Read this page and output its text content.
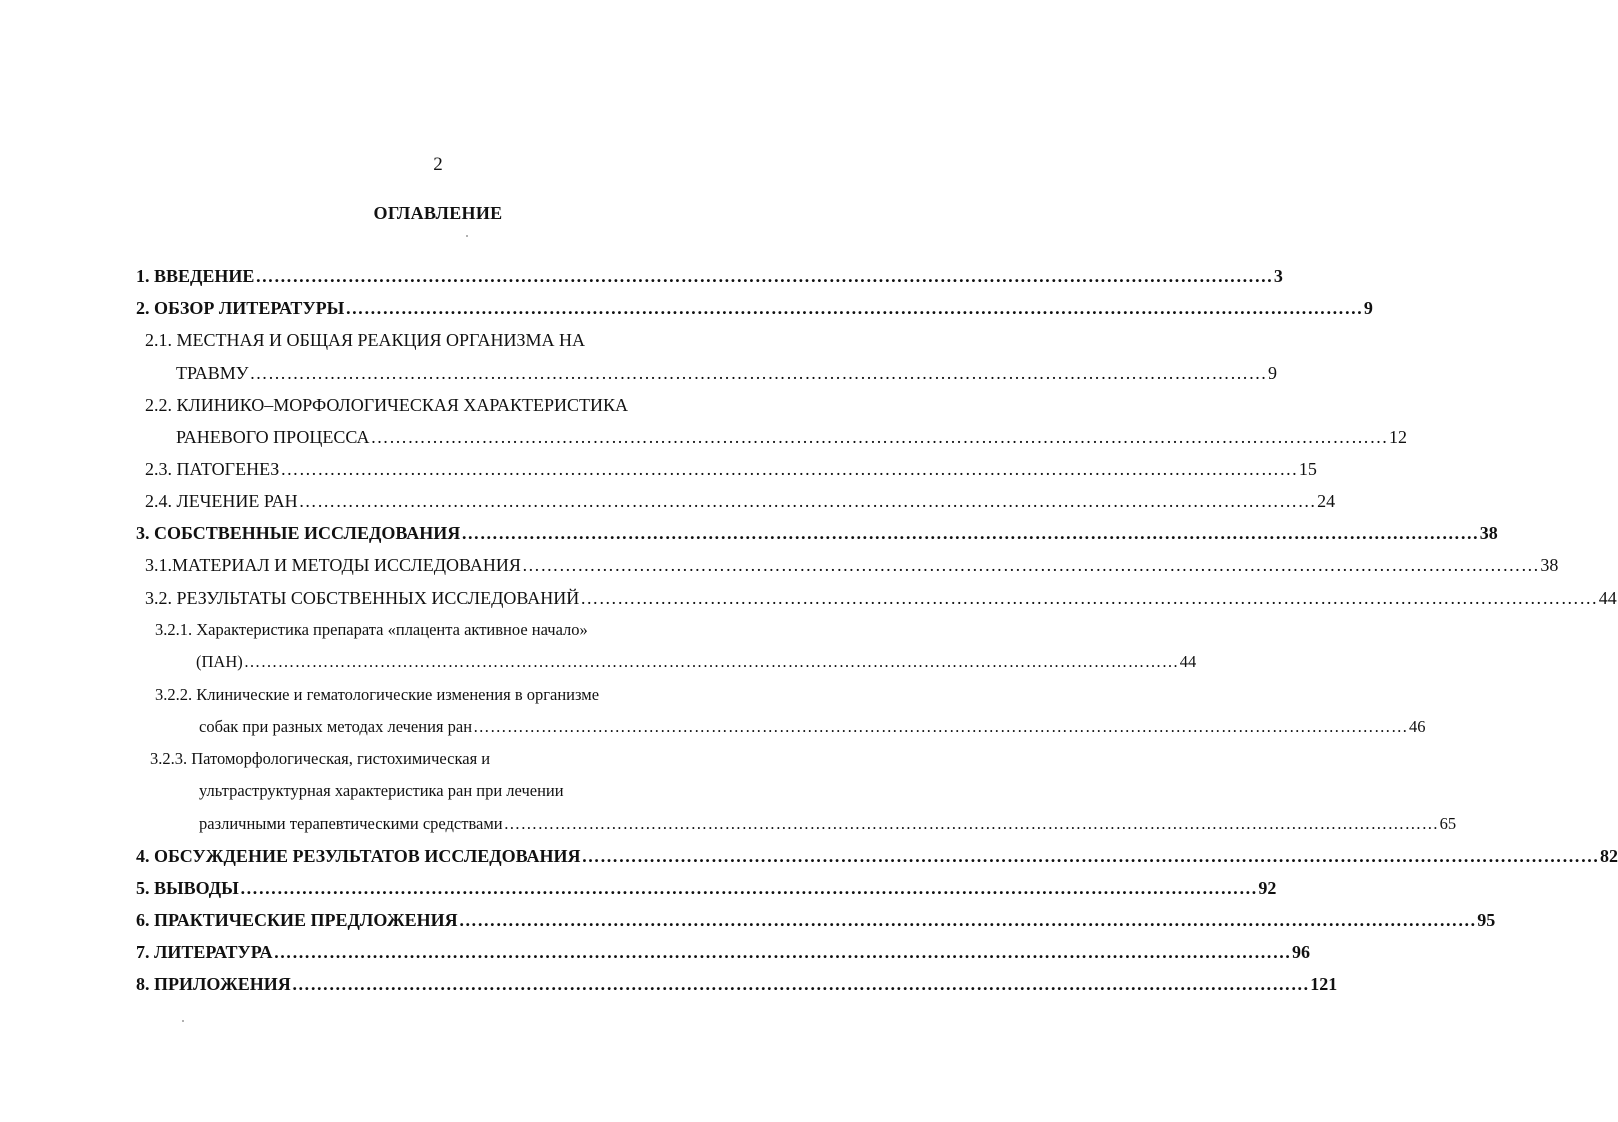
2
ОГЛАВЛЕНИЕ
1. ВВЕДЕНИЕ ………………………………………………………………………………………………………………………………………………… 3
2. ОБЗОР ЛИТЕРАТУРЫ ………………………………………………………………………………………………………………………………………………… 9
2.1. МЕСТНАЯ И ОБЩАЯ РЕАКЦИЯ ОРГАНИЗМА НА
ТРАВМУ ………………………………………………………………………………………………………………………………………………… 9
2.2. КЛИНИКО–МОРФОЛОГИЧЕСКАЯ ХАРАКТЕРИСТИКА
РАНЕВОГО ПРОЦЕССА ………………………………………………………………………………………………………………………………………………… 12
2.3. ПАТОГЕНЕЗ ………………………………………………………………………………………………………………………………………………… 15
2.4. ЛЕЧЕНИЕ РАН ………………………………………………………………………………………………………………………………………………… 24
3. СОБСТВЕННЫЕ ИССЛЕДОВАНИЯ ………………………………………………………………………………………………………………………………………………… 38
3.1.МАТЕРИАЛ И МЕТОДЫ ИССЛЕДОВАНИЯ ………………………………………………………………………………………………………………………………………………… 38
3.2. РЕЗУЛЬТАТЫ СОБСТВЕННЫХ ИССЛЕДОВАНИЙ ………………………………………………………………………………………………………………………………………………… 44
3.2.1. Характеристика препарата «плацента активное начало»
(ПАН) ………………………………………………………………………………………………………………………………………………… 44
3.2.2. Клинические и гематологические изменения в организме
собак при разных методах лечения ран ………………………………………………………………………………………………………………………………………………… 46
3.2.3. Патоморфологическая, гистохимическая и
ультраструктурная характеристика ран при лечении
различными терапевтическими средствами ………………………………………………………………………………………………………………………………………………… 65
4. ОБСУЖДЕНИЕ РЕЗУЛЬТАТОВ ИССЛЕДОВАНИЯ ………………………………………………………………………………………………………………………………………………… 82
5. ВЫВОДЫ ………………………………………………………………………………………………………………………………………………… 92
6. ПРАКТИЧЕСКИЕ ПРЕДЛОЖЕНИЯ ………………………………………………………………………………………………………………………………………………… 95
7. ЛИТЕРАТУРА ………………………………………………………………………………………………………………………………………………… 96
8. ПРИЛОЖЕНИЯ ………………………………………………………………………………………………………………………………………………… 121
